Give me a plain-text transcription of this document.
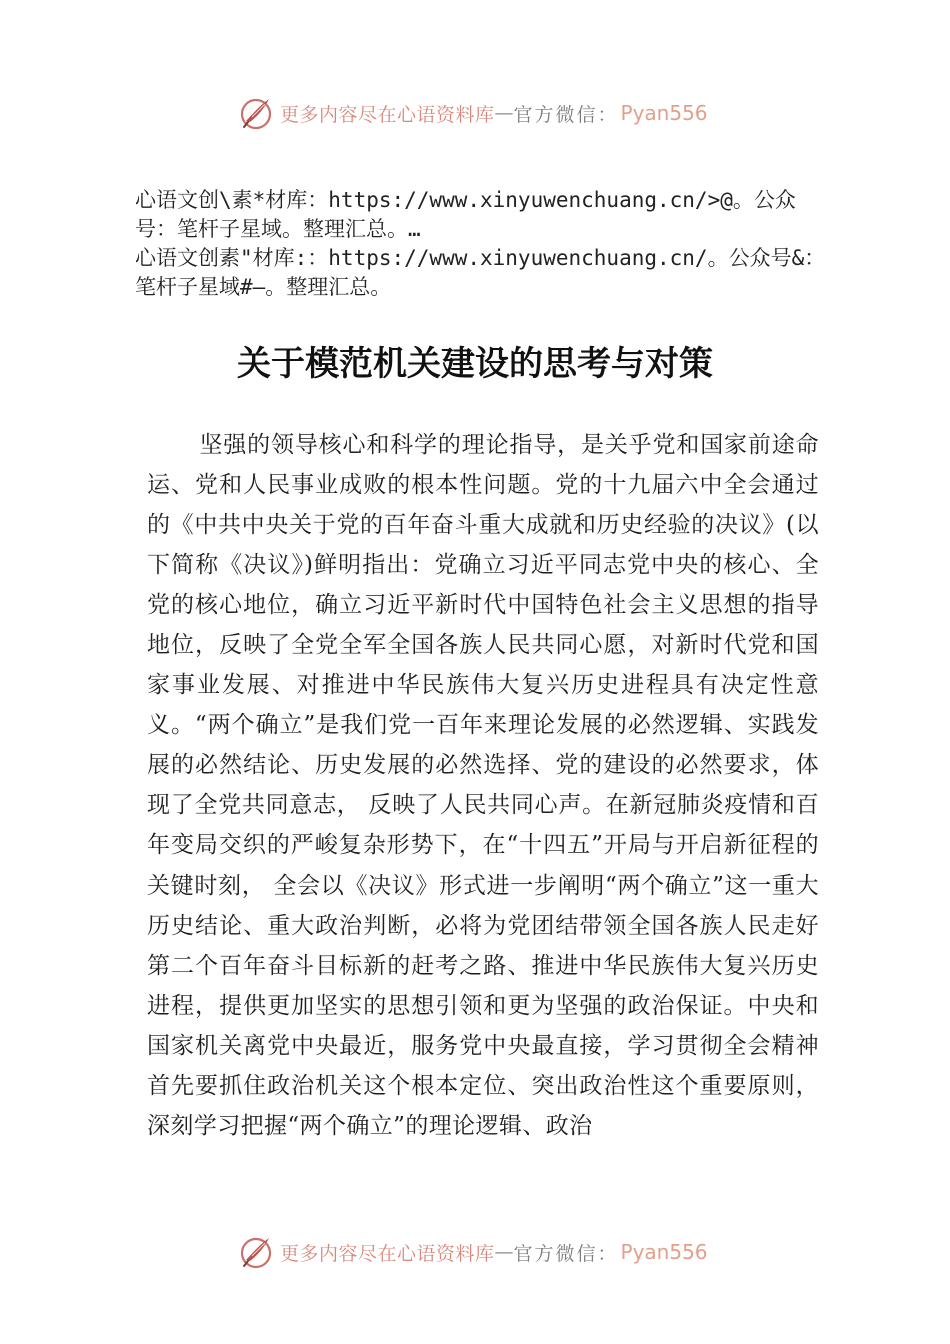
更多内容尽在心语资料库 — 官方微信： Pyan556

心语文创\素*材库：https://www.xinyuwenchuang.cn/>@。公众号：笔杆子星域。整理汇总。…

心语文创素"材库:：https://www.xinyuwenchuang.cn/。公众号&：笔杆子星域#—。整理汇总。

关于模范机关建设的思考与对策

坚强的领导核心和科学的理论指导，是关乎党和国家前途命运、党和人民事业成败的根本性问题。党的十九届六中全会通过的《中共中央关于党的百年奋斗重大成就和历史经验的决议》(以下简称《决议》)鲜明指出：党确立习近平同志党中央的核心、全党的核心地位，确立习近平新时代中国特色社会主义思想的指导地位，反映了全党全军全国各族人民共同心愿，对新时代党和国家事业发展、对推进中华民族伟大复兴历史进程具有决定性意义。“两个确立”是我们党一百年来理论发展的必然逻辑、实践发展的必然结论、历史发展的必然选择、党的建设的必然要求，体现了全党共同意志， 反映了人民共同心声。在新冠肺炎疫情和百年变局交织的严峻复杂形势下，在“十四五”开局与开启新征程的关键时刻， 全会以《决议》形式进一步阐明“两个确立”这一重大历史结论、重大政治判断，必将为党团结带领全国各族人民走好第二个百年奋斗目标新的赶考之路、推进中华民族伟大复兴历史进程，提供更加坚实的思想引领和更为坚强的政治保证。中央和国家机关离党中央最近，服务党中央最直接，学习贯彻全会精神首先要抓住政治机关这个根本定位、突出政治性这个重要原则，深刻学习把握“两个确立”的理论逻辑、政治

更多内容尽在心语资料库 — 官方微信： Pyan556
